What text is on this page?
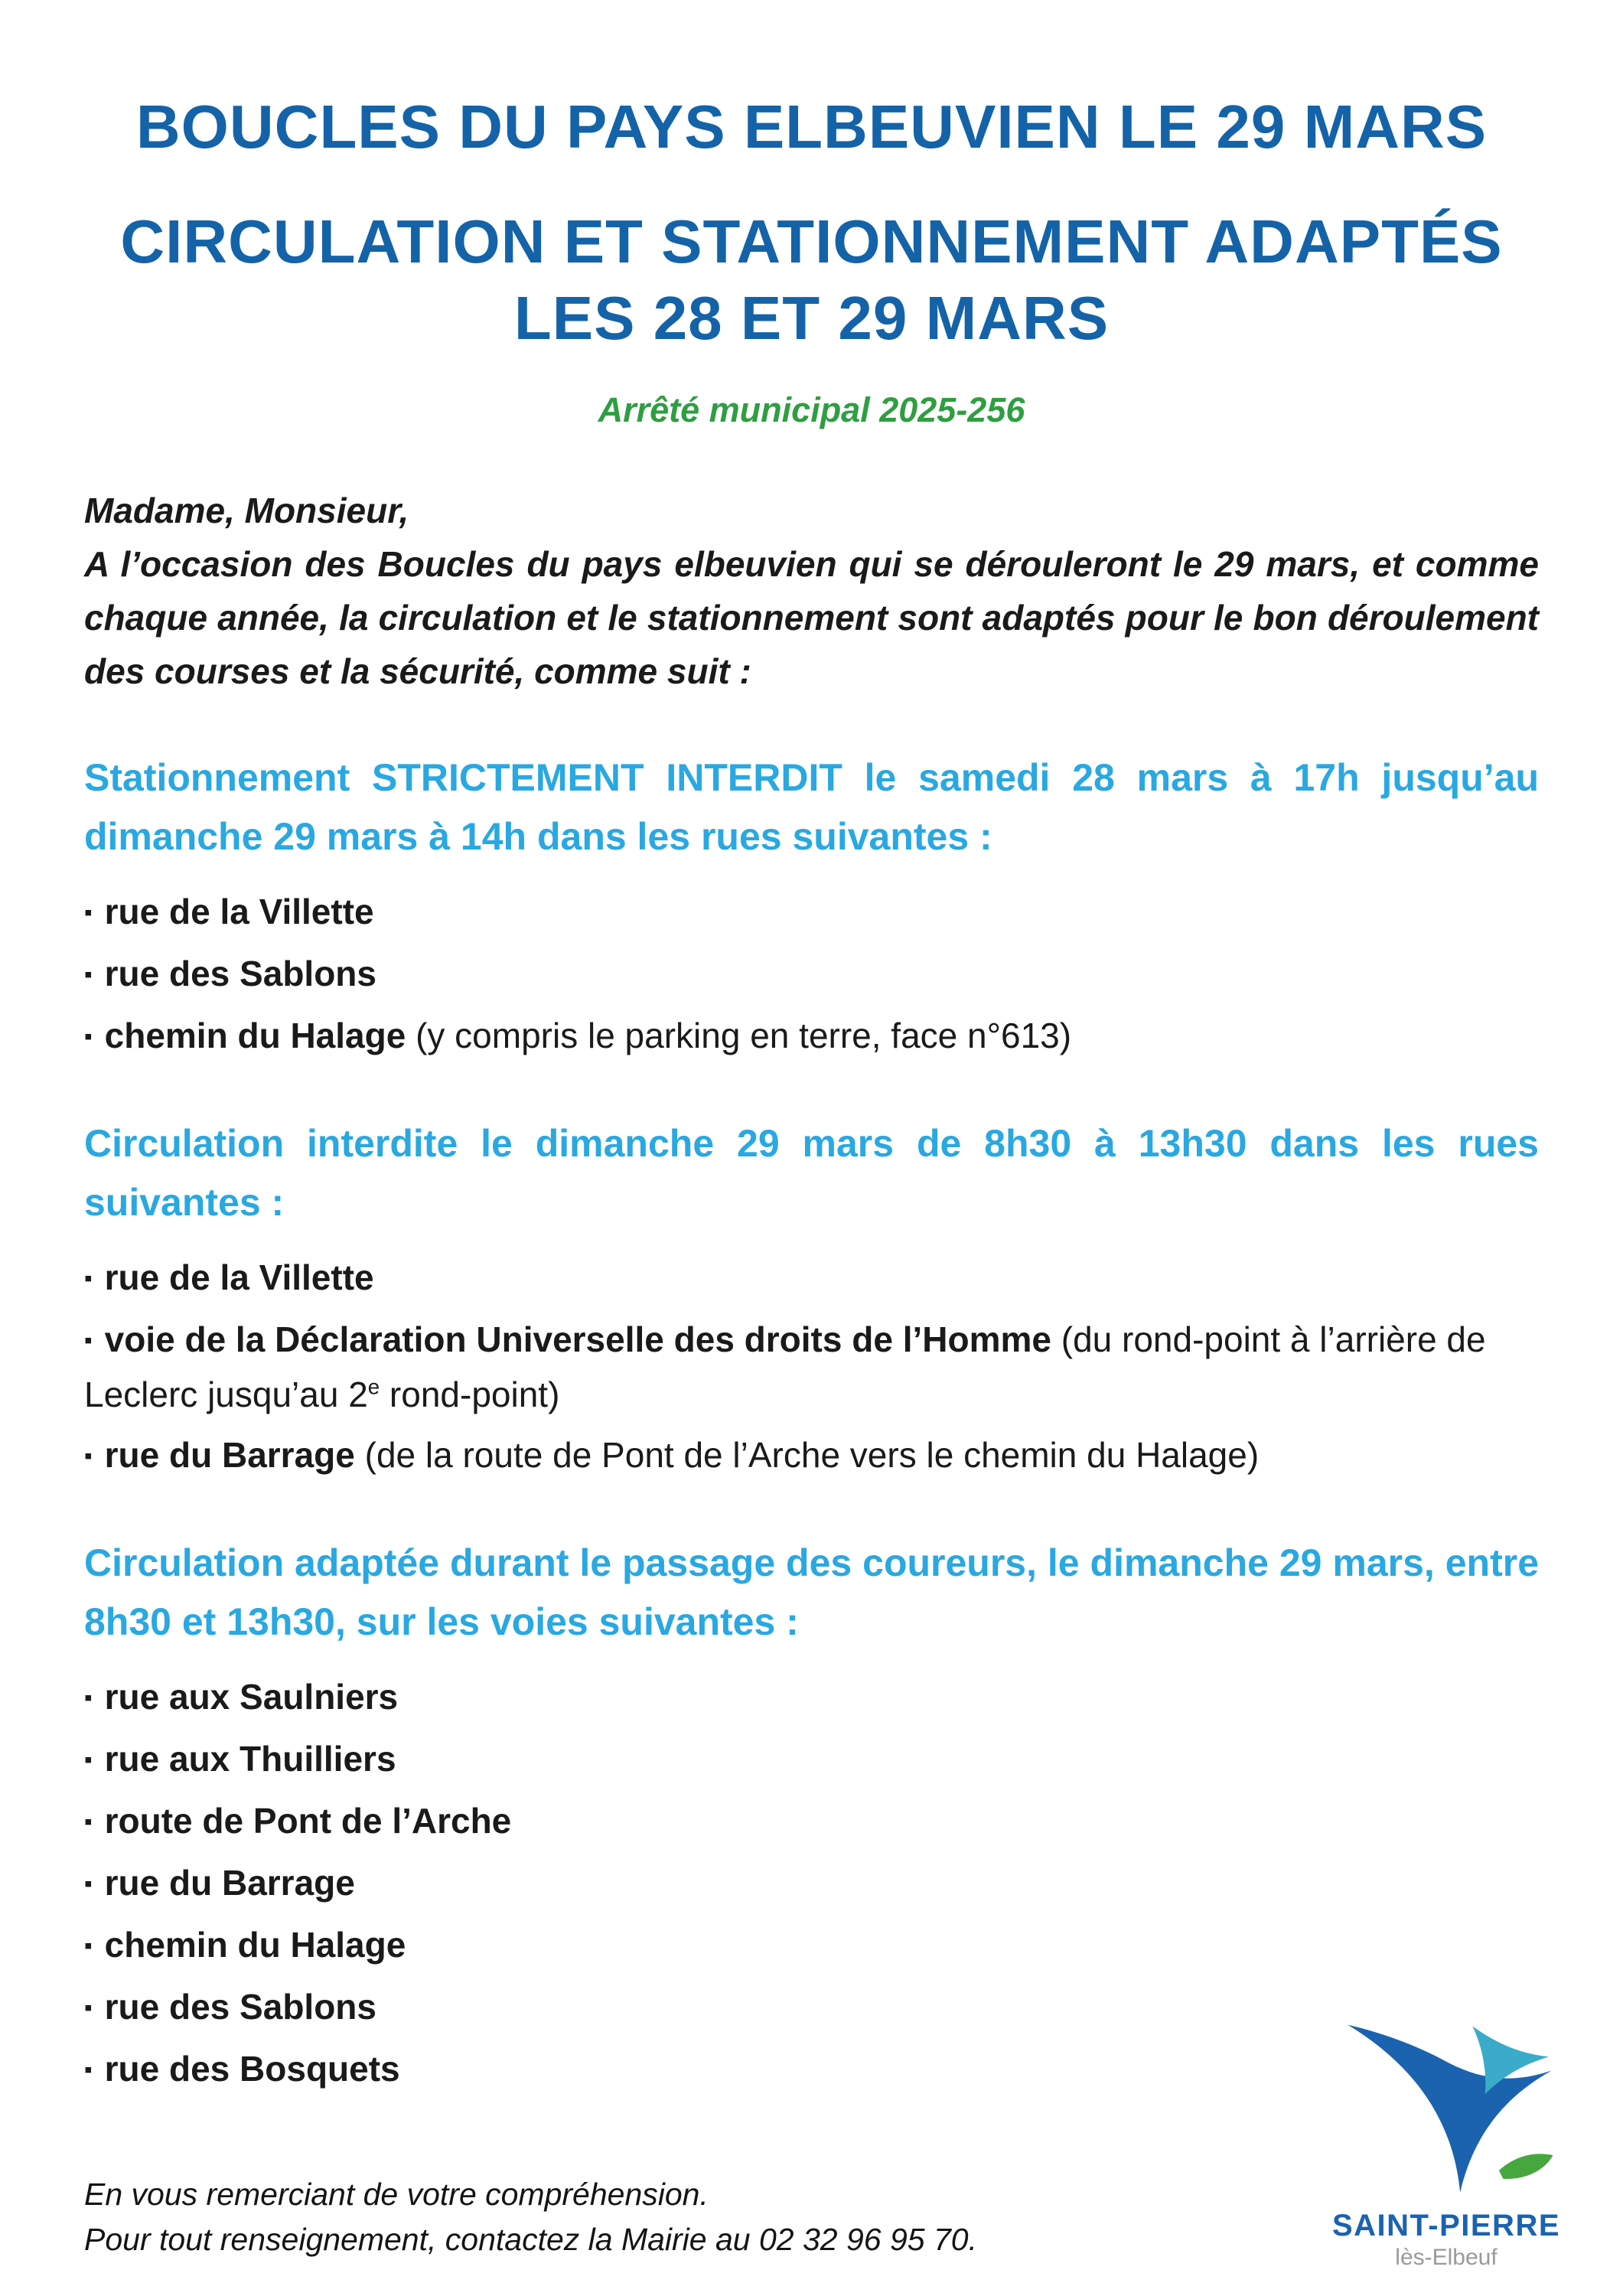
BOUCLES DU PAYS ELBEUVIEN LE 29 MARS
CIRCULATION ET STATIONNEMENT ADAPTÉS
LES 28 ET 29 MARS
Arrêté municipal 2025-256

Madame, Monsieur,

A l’occasion des Boucles du pays elbeuvien qui se dérouleront le 29 mars, et comme chaque année, la circulation et le stationnement sont adaptés pour le bon déroulement des courses et la sécurité, comme suit :

Stationnement STRICTEMENT INTERDIT le samedi 28 mars à 17h jusqu’au dimanche 29 mars à 14h dans les rues suivantes :

▪ rue de la Villette
▪ rue des Sablons
▪ chemin du Halage (y compris le parking en terre, face n°613)

Circulation interdite le dimanche 29 mars de 8h30 à 13h30 dans les rues suivantes :

▪ rue de la Villette
▪ voie de la Déclaration Universelle des droits de l’Homme (du rond-point à l’arrière de Leclerc jusqu’au 2e rond-point)
▪ rue du Barrage (de la route de Pont de l’Arche vers le chemin du Halage)

Circulation adaptée durant le passage des coureurs, le dimanche 29 mars, entre 8h30 et 13h30, sur les voies suivantes :

▪ rue aux Saulniers
▪ rue aux Thuilliers
▪ route de Pont de l’Arche
▪ rue du Barrage
▪ chemin du Halage
▪ rue des Sablons
▪ rue des Bosquets
En vous remerciant de votre compréhension.
Pour tout renseignement, contactez la Mairie au 02 32 96 95 70.	SAINT-PIERRE
lès-Elbeuf
